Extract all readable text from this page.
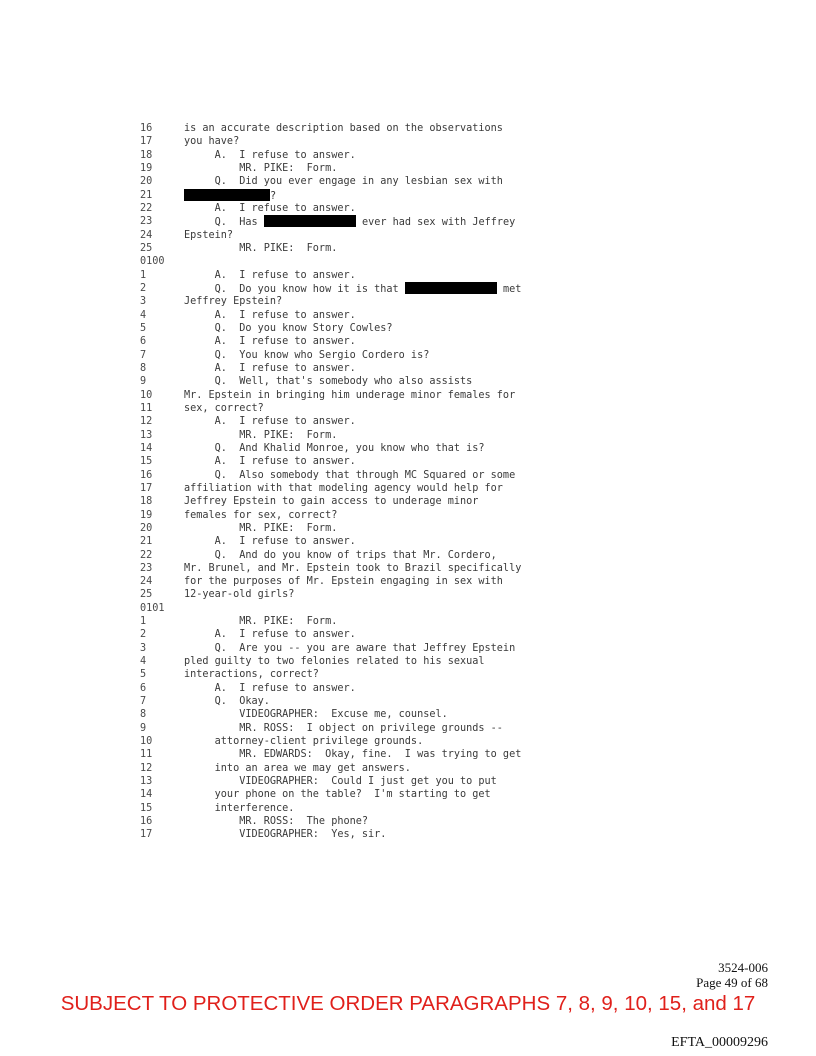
16	is an accurate description based on the observations
17	you have?
18	A.  I refuse to answer.
19	MR. PIKE:  Form.
20	Q.  Did you ever engage in any lesbian sex with
21	?
22	A.  I refuse to answer.
23	Q.  Has	ever had sex with Jeffrey
24	Epstein?
25	MR. PIKE:  Form.
0100
1	A.  I refuse to answer.
2	Q.  Do you know how it is that	met
3	Jeffrey Epstein?
4	A.  I refuse to answer.
5	Q.  Do you know Story Cowles?
6	A.  I refuse to answer.
7	Q.  You know who Sergio Cordero is?
8	A.  I refuse to answer.
9	Q.  Well, that's somebody who also assists
10	Mr. Epstein in bringing him underage minor females for
11	sex, correct?
12	A.  I refuse to answer.
13	MR. PIKE:  Form.
14	Q.  And Khalid Monroe, you know who that is?
15	A.  I refuse to answer.
16	Q.  Also somebody that through MC Squared or some
17	affiliation with that modeling agency would help for
18	Jeffrey Epstein to gain access to underage minor
19	females for sex, correct?
20	MR. PIKE:  Form.
21	A.  I refuse to answer.
22	Q.  And do you know of trips that Mr. Cordero,
23	Mr. Brunel, and Mr. Epstein took to Brazil specifically
24	for the purposes of Mr. Epstein engaging in sex with
25	12-year-old girls?
0101
1	MR. PIKE:  Form.
2	A.  I refuse to answer.
3	Q.  Are you -- you are aware that Jeffrey Epstein
4	pled guilty to two felonies related to his sexual
5	interactions, correct?
6	A.  I refuse to answer.
7	Q.  Okay.
8	VIDEOGRAPHER:  Excuse me, counsel.
9	MR. ROSS:  I object on privilege grounds --
10	attorney-client privilege grounds.
11	MR. EDWARDS:  Okay, fine.  I was trying to get
12	into an area we may get answers.
13	VIDEOGRAPHER:  Could I just get you to put
14	your phone on the table?  I'm starting to get
15	interference.
16	MR. ROSS:  The phone?
17	VIDEOGRAPHER:  Yes, sir.
3524-006
Page 49 of 68
SUBJECT TO PROTECTIVE ORDER PARAGRAPHS 7, 8, 9, 10, 15, and 17
EFTA_00009296
